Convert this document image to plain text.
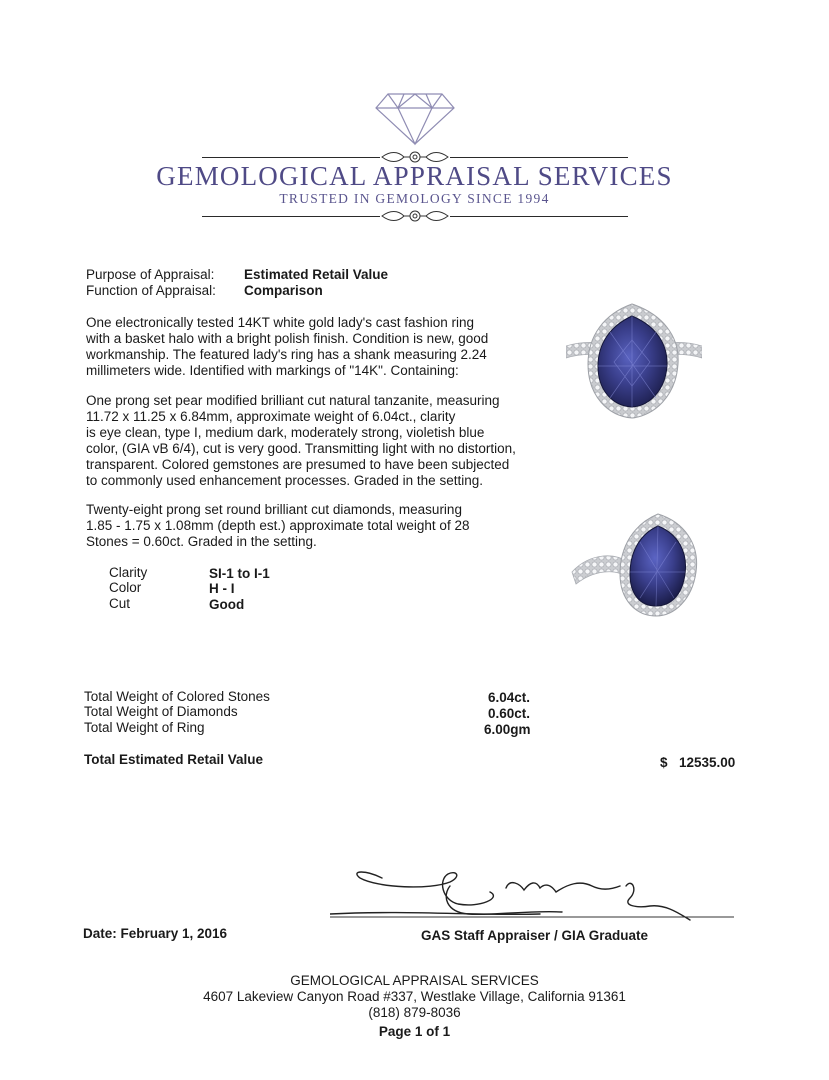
GEMOLOGICAL APPRAISAL SERVICES
TRUSTED IN GEMOLOGY SINCE 1994
Purpose of Appraisal: Estimated Retail Value
Function of Appraisal: Comparison
One electronically tested 14KT white gold lady's cast fashion ring
with a basket halo with a bright polish finish. Condition is new, good
workmanship. The featured lady's ring has a shank measuring 2.24
millimeters wide. Identified with markings of "14K". Containing:
One prong set pear modified brilliant cut natural tanzanite, measuring
11.72 x 11.25 x 6.84mm, approximate weight of 6.04ct., clarity
is eye clean, type I, medium dark, moderately strong, violetish blue
color, (GIA vB 6/4), cut is very good. Transmitting light with no distortion,
transparent. Colored gemstones are presumed to have been subjected
to commonly used enhancement processes. Graded in the setting.
Twenty-eight prong set round brilliant cut diamonds, measuring
1.85 - 1.75 x 1.08mm (depth est.) approximate total weight of 28
Stones = 0.60ct. Graded in the setting.
Clarity	SI-1 to I-1
Color	H - I
Cut	Good
Total Weight of Colored Stones	6.04ct.
Total Weight of Diamonds	0.60ct.
Total Weight of Ring	6.00gm
Total Estimated Retail Value	$ 12535.00
Date: February 1, 2016	GAS Staff Appraiser / GIA Graduate
GEMOLOGICAL APPRAISAL SERVICES
4607 Lakeview Canyon Road #337, Westlake Village, California 91361
(818) 879-8036
Page 1 of 1
